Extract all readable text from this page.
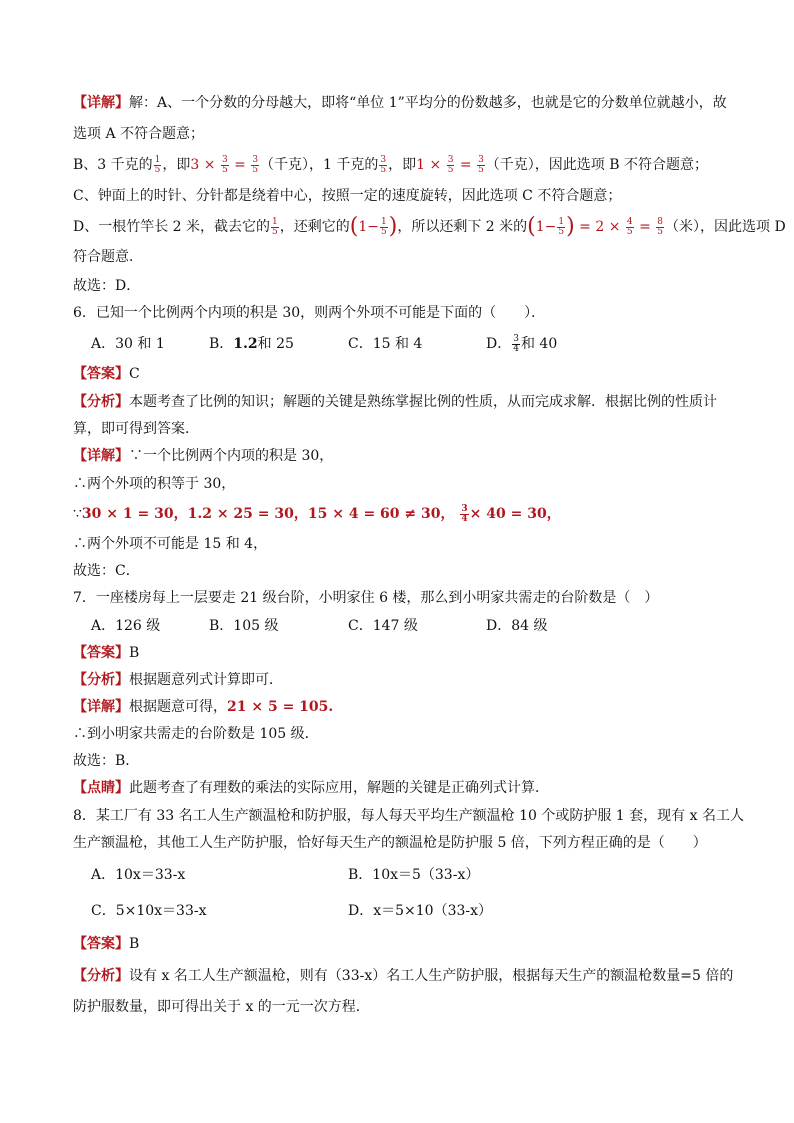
【详解】解：A、一个分数的分母越大，即将“单位 1”平均分的份数越多，也就是它的分数单位就越小，故
选项 A 不符合题意；
B、3 千克的 $\frac{1}{5}$ ，即$3 \times \frac{3}{5} = \frac{3}{5}$ （千克），1 千克的 $\frac{3}{5}$ ，即$1 \times \frac{3}{5} = \frac{3}{5}$ （千克），因此选项 B 不符合题意；
C、钟面上的时针、分针都是绕着中心，按照一定的速度旋转，因此选项 C 不符合题意；
D、一根竹竿长 2 米，截去它的 $\frac{1}{5}$ ，还剩它的($1- \frac{1}{5}$ )，所以还剩下 2 米的($1- \frac{1}{5}$ ) = $2 \times \frac{4}{5} = \frac{8}{5}$ （米），因此选项 D
符合题意．
故选：D．
6．已知一个比例两个内项的积是 30，则两个外项不可能是下面的（　　）．
A．30 和 1	B．1.2和 25	C．15 和 4	D． $\frac{3}{4}$ 和 40
【答案】C
【分析】本题考查了比例的知识；解题的关键是熟练掌握比例的性质，从而完成求解．根据比例的性质计
算，即可得到答案．
【详解】∵一个比例两个内项的积是 30，
∴两个外项的积等于 30，
∵30 × 1 = 30，1.2 × 25 = 30，15 × 4 = 60 ≠ 30， $\frac{3}{4} \times 40 = 30$，
∴两个外项不可能是 15 和 4，
故选：C．
7．一座楼房每上一层要走 21 级台阶，小明家住 6 楼，那么到小明家共需走的台阶数是（　）
A．126 级	B．105 级	C．147 级	D．84 级
【答案】B
【分析】根据题意列式计算即可．
【详解】根据题意可得，21 × 5 = 105.
∴到小明家共需走的台阶数是 105 级．
故选：B．
【点睛】此题考查了有理数的乘法的实际应用，解题的关键是正确列式计算．
8．某工厂有 33 名工人生产额温枪和防护服，每人每天平均生产额温枪 10 个或防护服 1 套，现有 x 名工人
生产额温枪，其他工人生产防护服，恰好每天生产的额温枪是防护服 5 倍，下列方程正确的是（　　）
A．10x＝33-x	B．10x＝5（33-x）
C．5×10x＝33-x	D．x＝5×10（33-x）
【答案】B
【分析】设有 x 名工人生产额温枪，则有（33-x）名工人生产防护服，根据每天生产的额温枪数量=5 倍的
防护服数量，即可得出关于 x 的一元一次方程．
